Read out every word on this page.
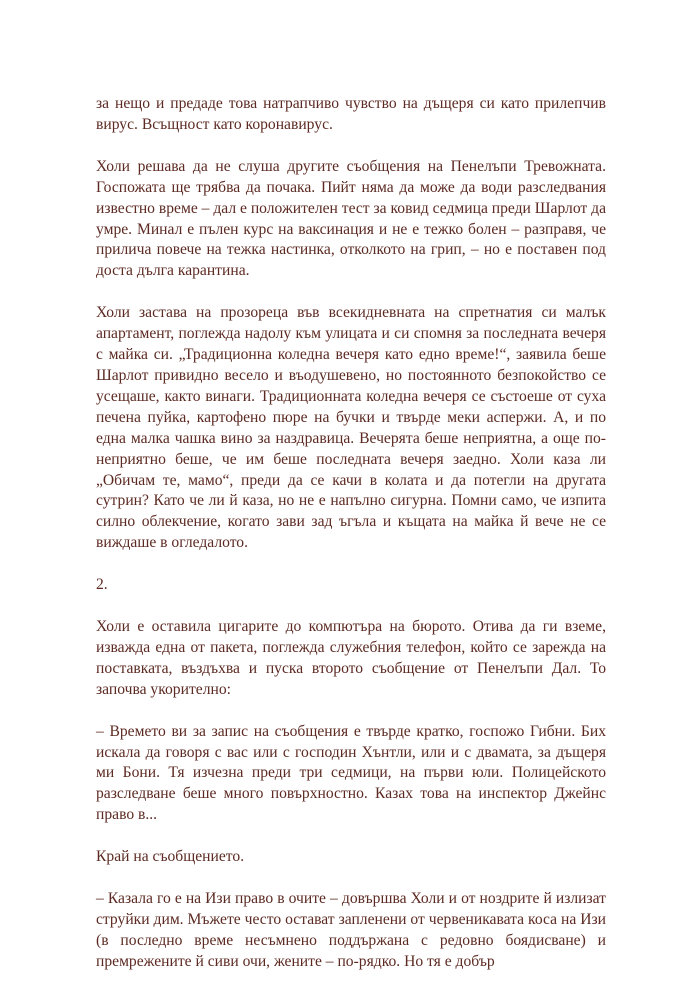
за нещо и предаде това натрапчиво чувство на дъщеря си като прилепчив вирус. Всъщност като коронавирус.

Холи решава да не слуша другите съобщения на Пенелъпи Тревожната. Госпожата ще трябва да почака. Пийт няма да може да води разследвания известно време – дал е положителен тест за ковид седмица преди Шарлот да умре. Минал е пълен курс на ваксинация и не е тежко болен – разправя, че прилича повече на тежка настинка, отколкото на грип, – но е поставен под доста дълга карантина.

Холи застава на прозореца във всекидневната на спретнатия си малък апартамент, поглежда надолу към улицата и си спомня за последната вечеря с майка си. „Традиционна коледна вечеря като едно време!“, заявила беше Шарлот привидно весело и въодушевено, но постоянното безпокойство се усещаше, както винаги. Традиционната коледна вечеря се състоеше от суха печена пуйка, картофено пюре на бучки и твърде меки аспержи. А, и по една малка чашка вино за наздравица. Вечерята беше неприятна, а още по-неприятно беше, че им беше последната вечеря заедно. Холи каза ли „Обичам те, мамо“, преди да се качи в колата и да потегли на другата сутрин? Като че ли й каза, но не е напълно сигурна. Помни само, че изпита силно облекчение, когато зави зад ъгъла и къщата на майка й вече не се виждаше в огледалото.

2.

Холи е оставила цигарите до компютъра на бюрото. Отива да ги вземе, изважда една от пакета, поглежда служебния телефон, който се зарежда на поставката, въздъхва и пуска второто съобщение от Пенелъпи Дал. То започва укорително:

– Времето ви за запис на съобщения е твърде кратко, госпожо Гибни. Бих искала да говоря с вас или с господин Хънтли, или и с двамата, за дъщеря ми Бони. Тя изчезна преди три седмици, на първи юли. Полицейското разследване беше много повърхностно. Казах това на инспектор Джейнс право в...

Край на съобщението.

– Казала го е на Изи право в очите – довършва Холи и от ноздрите й излизат струйки дим. Мъжете често остават запленени от червеникавата коса на Изи (в последно време несъмнено поддържана с редовно боядисване) и премрежените й сиви очи, жените – по-рядко. Но тя е добър
